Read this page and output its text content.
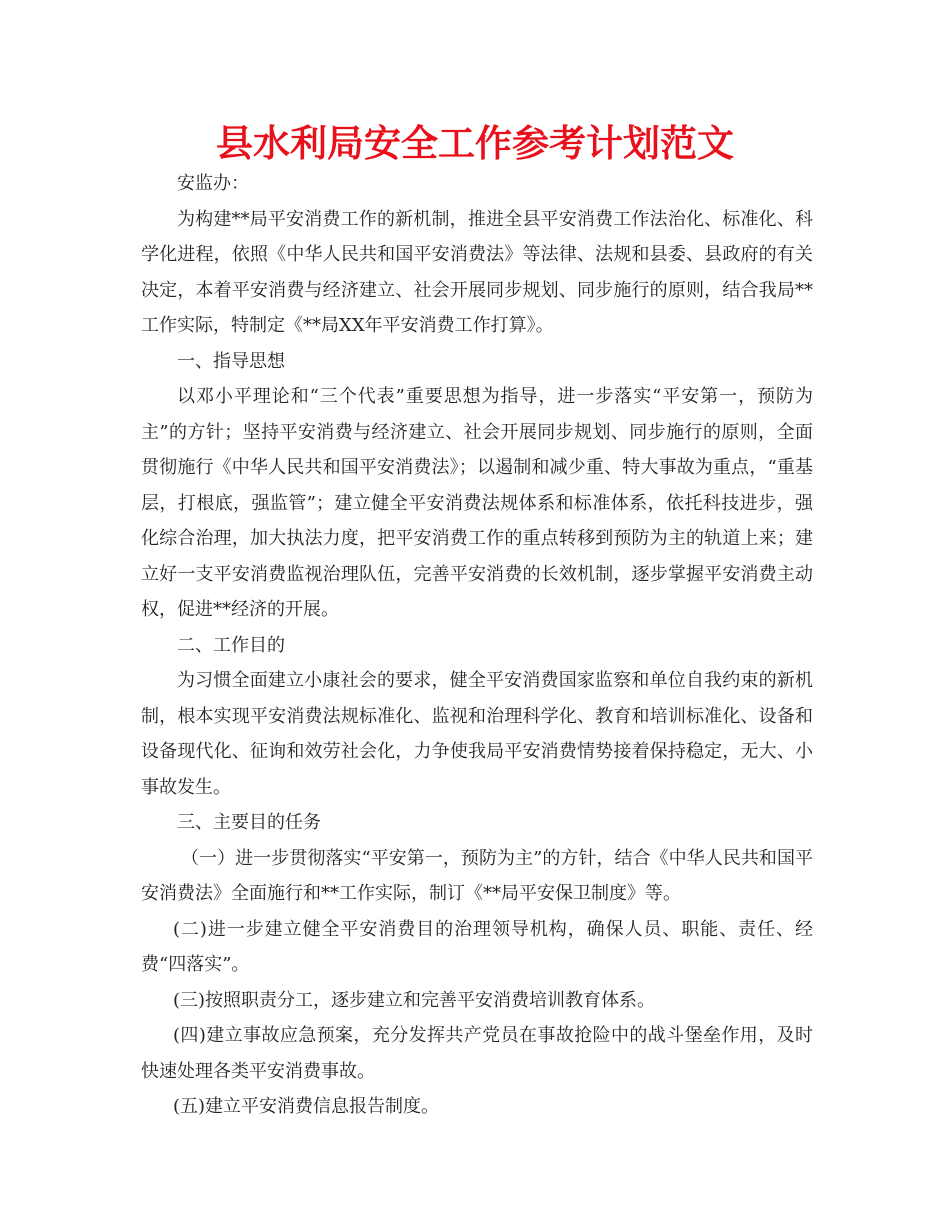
县水利局安全工作参考计划范文

安监办：

为构建**局平安消费工作的新机制，推进全县平安消费工作法治化、标准化、科学化进程，依照《中华人民共和国平安消费法》等法律、法规和县委、县政府的有关决定，本着平安消费与经济建立、社会开展同步规划、同步施行的原则，结合我局**工作实际，特制定《**局XX年平安消费工作打算》。

一、指导思想

以邓小平理论和“三个代表”重要思想为指导，进一步落实“平安第一，预防为主”的方针；坚持平安消费与经济建立、社会开展同步规划、同步施行的原则，全面贯彻施行《中华人民共和国平安消费法》；以遏制和减少重、特大事故为重点，“重基层，打根底，强监管”；建立健全平安消费法规体系和标准体系，依托科技进步，强化综合治理，加大执法力度，把平安消费工作的重点转移到预防为主的轨道上来；建立好一支平安消费监视治理队伍，完善平安消费的长效机制，逐步掌握平安消费主动权，促进**经济的开展。

二、工作目的

为习惯全面建立小康社会的要求，健全平安消费国家监察和单位自我约束的新机制，根本实现平安消费法规标准化、监视和治理科学化、教育和培训标准化、设备和设备现代化、征询和效劳社会化，力争使我局平安消费情势接着保持稳定，无大、小事故发生。

三、主要目的任务

（一）进一步贯彻落实“平安第一，预防为主”的方针，结合《中华人民共和国平安消费法》全面施行和**工作实际，制订《**局平安保卫制度》等。

(二)进一步建立健全平安消费目的治理领导机构，确保人员、职能、责任、经费“四落实”。

(三)按照职责分工，逐步建立和完善平安消费培训教育体系。

(四)建立事故应急预案，充分发挥共产党员在事故抢险中的战斗堡垒作用，及时快速处理各类平安消费事故。

(五)建立平安消费信息报告制度。
